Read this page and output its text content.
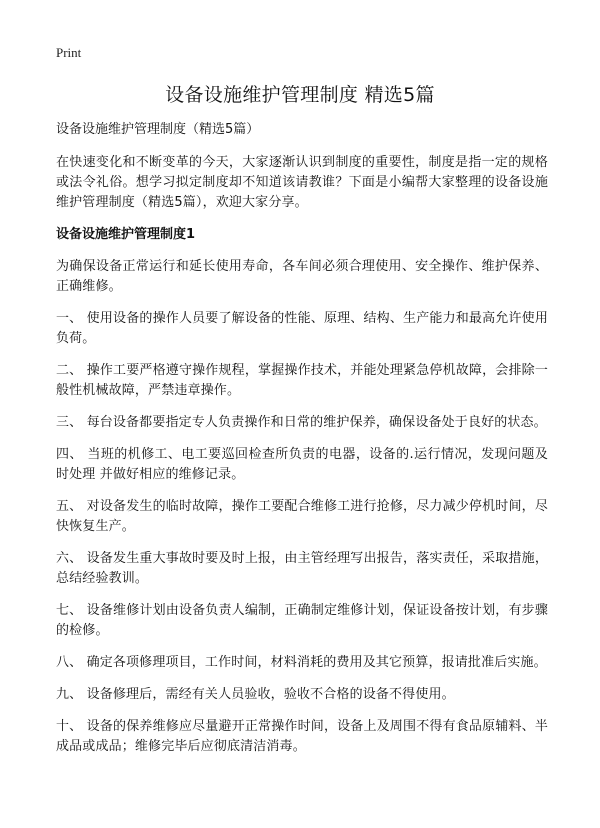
Print
设备设施维护管理制度 精选5篇
设备设施维护管理制度（精选5篇）

在快速变化和不断变革的今天，大家逐渐认识到制度的重要性，制度是指一定的规格或法令礼俗。想学习拟定制度却不知道该请教谁？下面是小编帮大家整理的设备设施维护管理制度（精选5篇），欢迎大家分享。

设备设施维护管理制度1

为确保设备正常运行和延长使用寿命，各车间必须合理使用、安全操作、维护保养、正确维修。

一、 使用设备的操作人员要了解设备的性能、原理、结构、生产能力和最高允许使用负荷。

二、 操作工要严格遵守操作规程，掌握操作技术，并能处理紧急停机故障，会排除一般性机械故障，严禁违章操作。

三、 每台设备都要指定专人负责操作和日常的维护保养，确保设备处于良好的状态。

四、 当班的机修工、电工要巡回检查所负责的电器，设备的.运行情况，发现问题及时处理 并做好相应的维修记录。

五、 对设备发生的临时故障，操作工要配合维修工进行抢修，尽力减少停机时间，尽快恢复生产。

六、 设备发生重大事故时要及时上报，由主管经理写出报告，落实责任，采取措施，总结经验教训。

七、 设备维修计划由设备负责人编制，正确制定维修计划，保证设备按计划，有步骤的检修。

八、 确定各项修理项目，工作时间，材料消耗的费用及其它预算，报请批准后实施。

九、 设备修理后，需经有关人员验收，验收不合格的设备不得使用。

十、 设备的保养维修应尽量避开正常操作时间，设备上及周围不得有食品原辅料、半成品或成品；维修完毕后应彻底清洁消毒。
